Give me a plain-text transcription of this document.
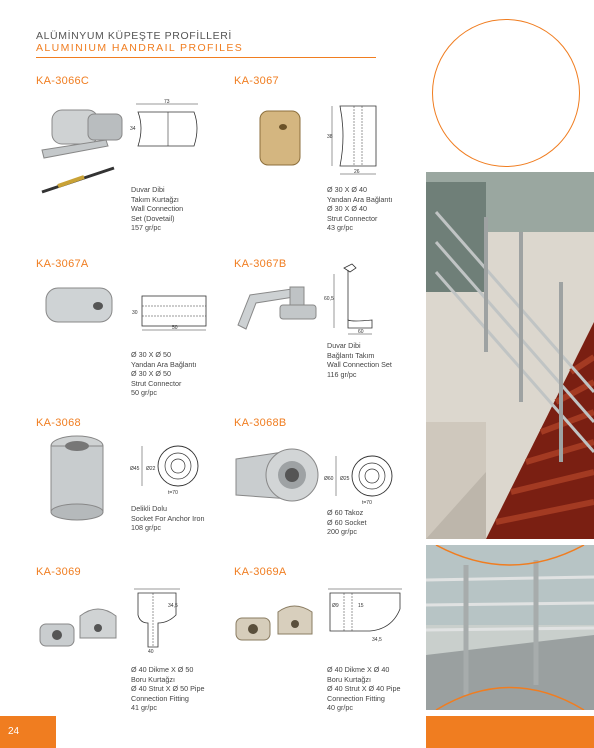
ALÜMİNYUM KÜPEŞTE PROFİLLERİ
ALUMINIUM HANDRAIL PROFILES
KA-3066C
73
34
Duvar Dibi
Takım Kurtağzı
Wall Connection
Set (Dovetail)
157 gr/pc
KA-3067
38
26
Ø 30 X Ø 40
Yandan Ara Bağlantı
Ø 30 X Ø 40
Strut Connector
43 gr/pc
KA-3067A
30
50
Ø 30 X Ø 50
Yandan Ara Bağlantı
Ø 30 X Ø 50
Strut Connector
50 gr/pc
KA-3067B
60,5
60
Duvar Dibi
Bağlantı Takım
Wall Connection Set
116 gr/pc
KA-3068
Ø45 Ø22
t=70
Delikli Dolu
Socket For Anchor Iron
108 gr/pc
KA-3068B
Ø60 Ø25
t=70
Ø 60 Takoz
Ø 60 Socket
200 gr/pc
KA-3069
34,5
40
Ø 40 Dikme X Ø 50
Boru Kurtağzı
Ø 40 Strut X Ø 50 Pipe
Connection Fitting
41 gr/pc
KA-3069A
Ø9	15
34,5
Ø 40 Dikme X Ø 40
Boru Kurtağzı
Ø 40 Strut X Ø 40 Pipe
Connection Fitting
40 gr/pc
24
